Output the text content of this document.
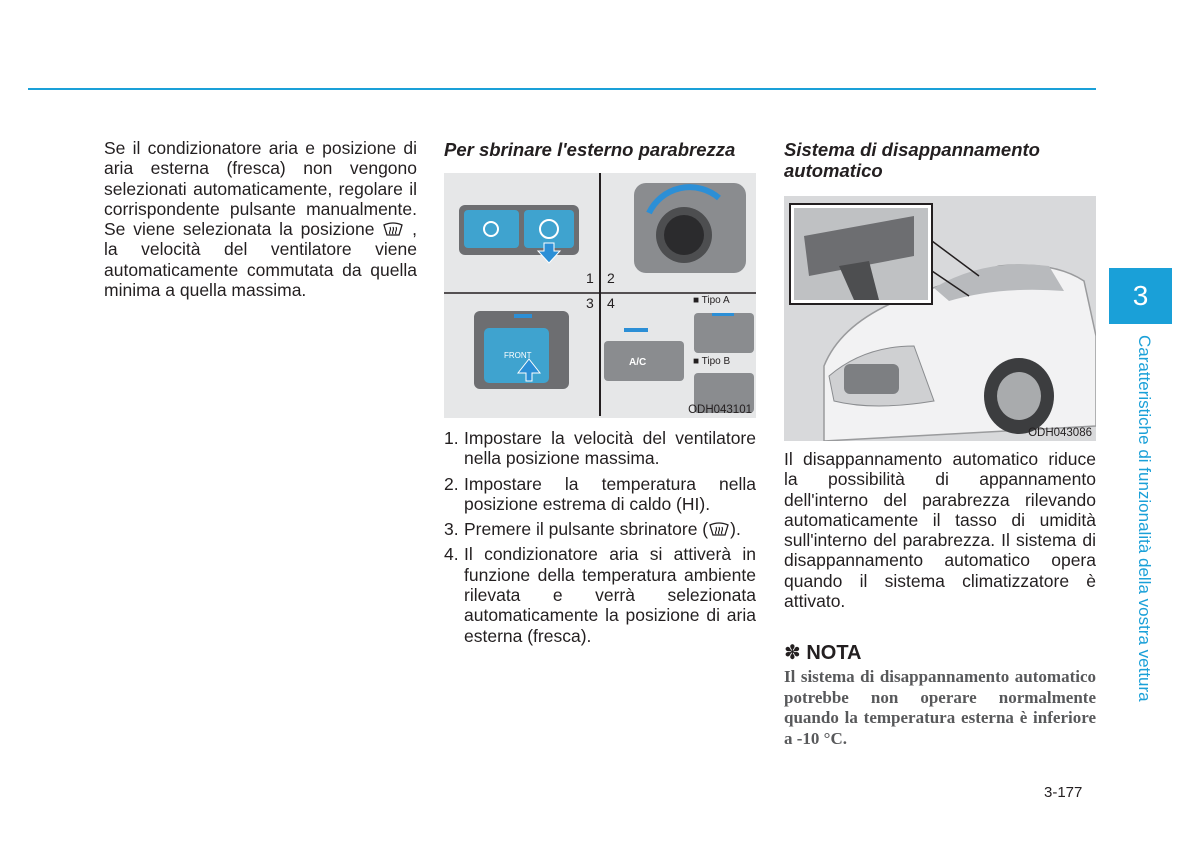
Se il condizionatore aria e posizione di aria esterna (fresca) non vengono selezionati automaticamente, regolare il corrispondente pulsante manualmente. Se viene selezionata la posizione , la velocità del ventilatore viene automaticamente commutata da quella minima a quella massima.
Per sbrinare l'esterno parabrezza
1 2
3 4
FRONT
A/C
■ Tipo A
■ Tipo B
ODH043101
1. Impostare la velocità del ventilatore nella posizione massima.
2. Impostare la temperatura nella posizione estrema di caldo (HI).
3. Premere il pulsante sbrinatore ( ).
4. Il condizionatore aria si attiverà in funzione della temperatura ambiente rilevata e verrà selezionata automaticamente la posizione di aria esterna (fresca).
Sistema di disappannamento automatico
ODH043086
Il disappannamento automatico riduce la possibilità di appannamento dell'interno del parabrezza rilevando automaticamente il tasso di umidità sull'interno del parabrezza. Il sistema di disappannamento automatico opera quando il sistema climatizzatore è attivato.
✽ NOTA
Il sistema di disappannamento automatico potrebbe non operare normalmente quando la temperatura esterna è inferiore a -10 °C.
3
Caratteristiche di funzionalità della vostra vettura
3-177
